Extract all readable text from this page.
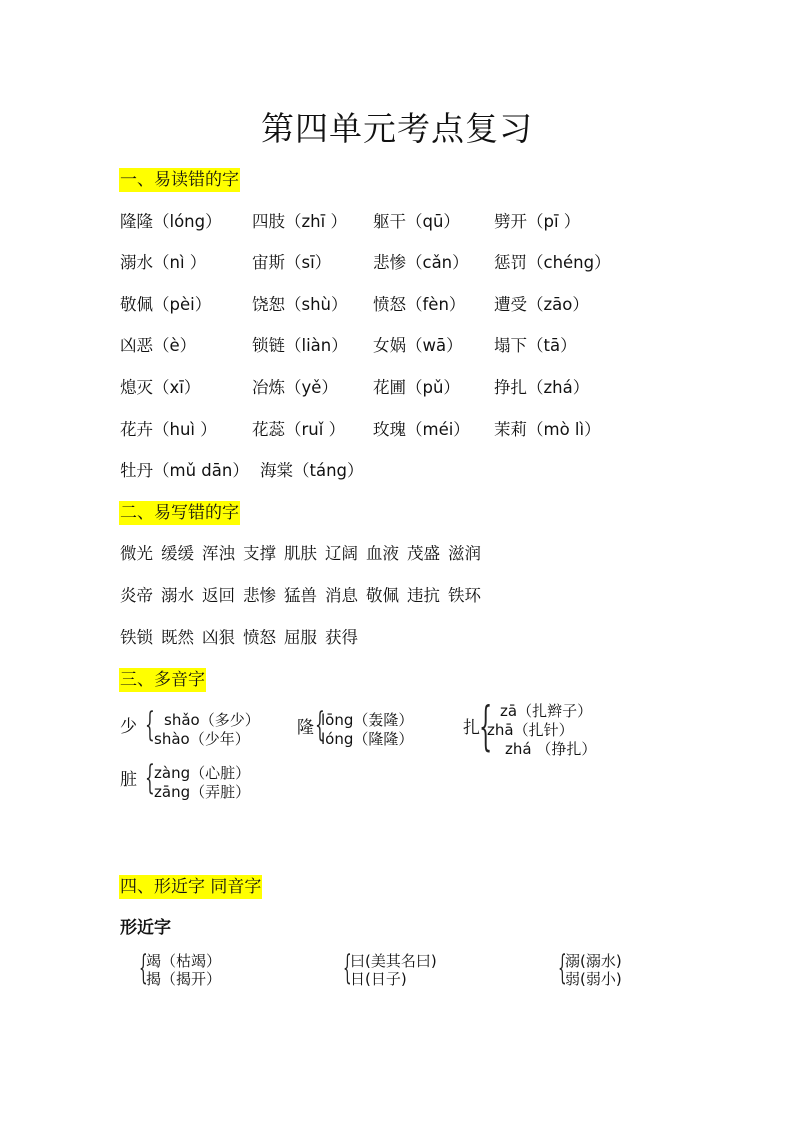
第四单元考点复习
一、易读错的字
隆隆（lóng） 四肢（zhī ） 躯干（qū） 劈开（pī ）
溺水（nì ）	宙斯（sī）	悲惨（cǎn） 惩罚（chéng）
敬佩（pèi） 饶恕（shù） 愤怒（fèn） 遭受（zāo）
凶恶（è）	锁链（liàn） 女娲（wā） 塌下（tā）
熄灭（xī）	冶炼（yě） 花圃（pǔ） 挣扎（zhá）
花卉（huì ） 花蕊（ruǐ ） 玫瑰（méi） 茉莉（mò lì）
牡丹（mǔ dān） 海棠（táng）
二、易写错的字
微光 缓缓 浑浊 支撑 肌肤 辽阔 血液 茂盛 滋润
炎帝 溺水 返回 悲惨 猛兽 消息 敬佩 违抗 铁环
铁锁 既然 凶狠 愤怒 屈服 获得
三、多音字
少 { shǎo（多少）
shào（少年）
隆 {
lōng（轰隆）
lóng（隆隆）
扎 { zā（扎辫子）
zhā（扎针）
zhá （挣扎）
脏 { zàng（心脏）
zāng（弄脏）
四、形近字 同音字
形近字
{
竭（枯竭）
揭（揭开）	{
曰(美其名曰)
日(日子)	{
溺(溺水)
弱(弱小)
